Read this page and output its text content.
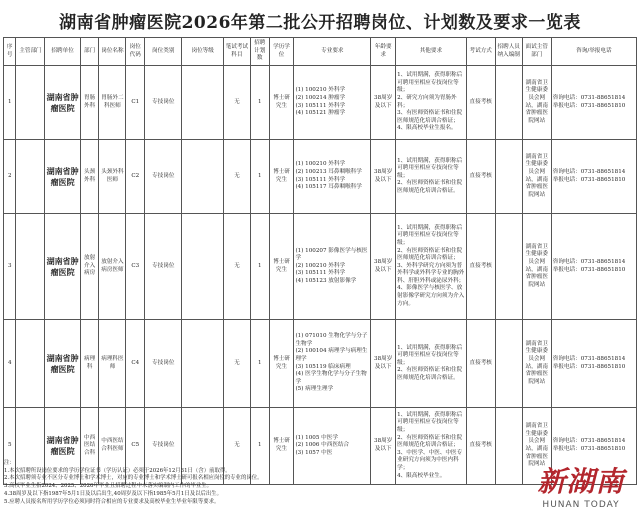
湖南省肿瘤医院2026年第二批公开招聘岗位、计划数及要求一览表
序号	主管部门	招聘单位	部门	岗位名称	岗位代码	岗位类别	岗位等级	笔试考试科目	招聘计划数	学历学位	专业要求	年龄要求	其他要求	考试方式	招聘人员纳入编制	面试主管部门	咨询/举报电话
1		湖南省肿瘤医院	胃肠外科	胃肠外二科医师	C1	专技岗位		无	1	博士研究生	(1) 100210 外科学
(2) 100214 肿瘤学
(3) 105111 外科学
(4) 105121 肿瘤学	38周岁及以下	1、试用期满，获得职称后可聘用至相应专技岗位等级；
2、研究方向须为胃肠外科；
3、有医师资格证书和住院医师规范化培训合格证；
4、限高校毕业生报名。	直接考核		湖南省卫生健康委员会网站，湖南省肿瘤医院网站	咨询电话：0731-88651814
举报电话：0731-88651810

2		湖南省肿瘤医院	头颈外科	头颈外科医师	C2	专技岗位		无	1	博士研究生	(1) 100210 外科学
(2) 100213 耳鼻咽喉科学
(3) 105111 外科学
(4) 105117 耳鼻咽喉科学	38周岁及以下	1、试用期满，获得职称后可聘用至相应专技岗位等级；
2、有医师资格证书和住院医师规范化培训合格证。	直接考核		湖南省卫生健康委员会网站，湖南省肿瘤医院网站	咨询电话：0731-88651814
举报电话：0731-88651810

3		湖南省肿瘤医院	放射介入病房	放射介入病房医师	C3	专技岗位		无	1	博士研究生	(1) 100207 影像医学与核医学
(2) 100210 外科学
(3) 105111 外科学
(4) 105123 放射影像学	38周岁及以下	1、试用期满，获得职称后可聘用至相应专技岗位等级；
2、有医师资格证书和住院医师规范化培训合格证；
3、外科学研究方向须为普外科学或外科学专业的胸外科、肝胆外科或泌尿外科；
4、影像医学与核医学、放射影像学研究方向须为介入方向。	直接考核		湖南省卫生健康委员会网站，湖南省肿瘤医院网站	咨询电话：0731-88651814
举报电话：0731-88651810

4		湖南省肿瘤医院	病理科	病理科医师	C4	专技岗位		无	1	博士研究生	(1) 071010 生物化学与分子生物学
(2) 100104 病理学与病理生理学
(3) 105119 临床病理
(4) 医学生物化学与分子生物学
(5) 病理生理学	38周岁及以下	1、试用期满，获得职称后可聘用至相应专技岗位等级；
2、有医师资格证书和住院医师规范化培训合格证。	直接考核		湖南省卫生健康委员会网站，湖南省肿瘤医院网站	咨询电话：0731-88651814
举报电话：0731-88651810

5		湖南省肿瘤医院	中西医结合科	中西医结合科医师	C5	专技岗位		无	1	博士研究生	(1) 1005 中医学
(2) 1006 中西医结合
(3) 1057 中医	38周岁及以下	1、试用期满，获得职称后可聘用至相应专技岗位等级；
2、有医师资格证书和住院医师规范化培训合格证；
3、中医学、中医、中医专业研究方向须为中医内科学；
4、限高校毕业生。	直接考核		湖南省卫生健康委员会网站，湖南省肿瘤医院网站	咨询电话：0731-88651814
举报电话：0731-88651810
注：
1.本次招聘所设岗位要求的学历学位证书（学历认证）必须于2026年12月31日（含）前取得。
2.本次招聘须专业不区分专业博士和学术博士，对应的专业博士和学术博士研可报名相应岗位的专业的岗位。
3.高校毕业生指2024、2025、2026年毕业且招聘过程中未落实编制内工作的毕业生。
4.38周岁及以下指1987年5月1日及以后出生,40周岁及以下指1985年5月1日及以后出生。
5.应聘人员报名所用学历学位必须同时符合相应的专业要求及高校毕业生毕业年限等要求。
新湖南
HUNAN TODAY
